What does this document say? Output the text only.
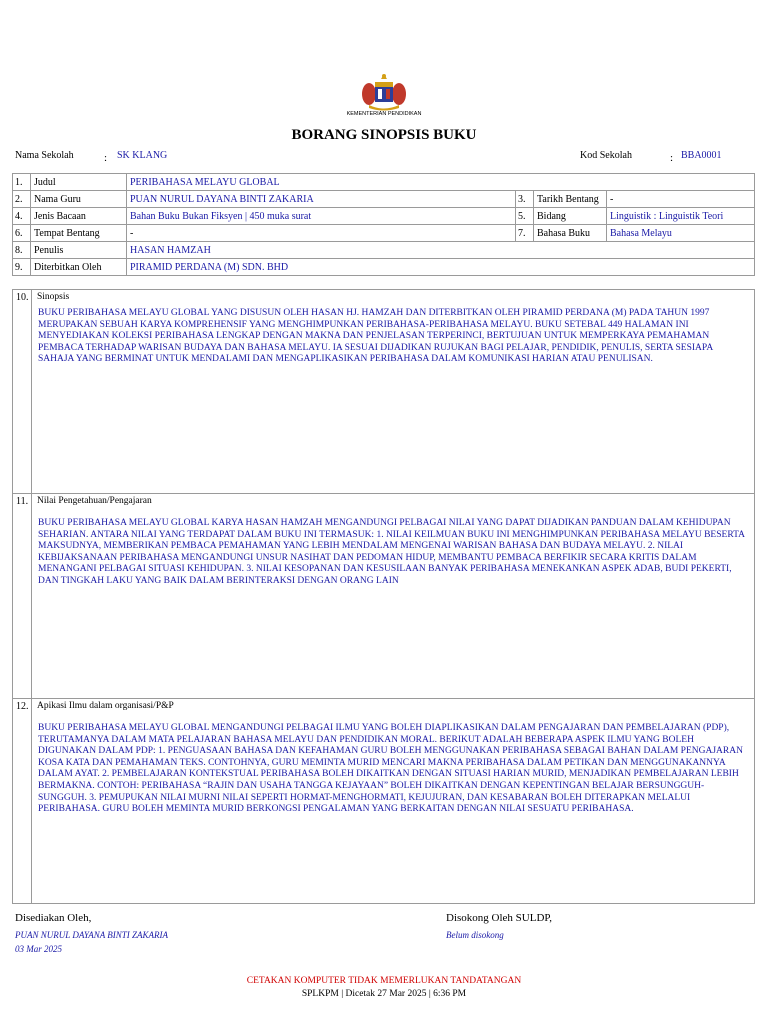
KEMENTERIAN PENDIDIKAN
BORANG SINOPSIS BUKU
Nama Sekolah	: SK KLANG	Kod Sekolah	: BBA0001
1.	Judul	PERIBAHASA MELAYU GLOBAL			
2.	Nama Guru	PUAN NURUL DAYANA BINTI ZAKARIA	3.	Tarikh Bentang	-
4.	Jenis Bacaan	Bahan Buku Bukan Fiksyen | 450 muka surat	5.	Bidang	Linguistik : Linguistik Teori
6.	Tempat Bentang	-	7.	Bahasa Buku	Bahasa Melayu
8.	Penulis	HASAN HAMZAH			
9.	Diterbitkan Oleh	PIRAMID PERDANA (M) SDN. BHD			
10. Sinopsis
BUKU PERIBAHASA MELAYU GLOBAL YANG DISUSUN OLEH HASAN HJ. HAMZAH DAN DITERBITKAN OLEH PIRAMID PERDANA (M) PADA TAHUN 1997 MERUPAKAN SEBUAH KARYA KOMPREHENSIF YANG MENGHIMPUNKAN PERIBAHASA-PERIBAHASA MELAYU. BUKU SETEBAL 449 HALAMAN INI MENYEDIAKAN KOLEKSI PERIBAHASA LENGKAP DENGAN MAKNA DAN PENJELASAN TERPERINCI, BERTUJUAN UNTUK MEMPERKAYA PEMAHAMAN PEMBACA TERHADAP WARISAN BUDAYA DAN BAHASA MELAYU. IA SESUAI DIJADIKAN RUJUKAN BAGI PELAJAR, PENDIDIK, PENULIS, SERTA SESIAPA SAHAJA YANG BERMINAT UNTUK MENDALAMI DAN MENGAPLIKASIKAN PERIBAHASA DALAM KOMUNIKASI HARIAN ATAU PENULISAN.
11. Nilai Pengetahuan/Pengajaran
BUKU PERIBAHASA MELAYU GLOBAL KARYA HASAN HAMZAH MENGANDUNGI PELBAGAI NILAI YANG DAPAT DIJADIKAN PANDUAN DALAM KEHIDUPAN SEHARIAN. ANTARA NILAI YANG TERDAPAT DALAM BUKU INI TERMASUK: 1. NILAI KEILMUAN BUKU INI MENGHIMPUNKAN PERIBAHASA MELAYU BESERTA MAKSUDNYA, MEMBERIKAN PEMBACA PEMAHAMAN YANG LEBIH MENDALAM MENGENAI WARISAN BAHASA DAN BUDAYA MELAYU. 2. NILAI KEBIJAKSANAAN PERIBAHASA MENGANDUNGI UNSUR NASIHAT DAN PEDOMAN HIDUP, MEMBANTU PEMBACA BERFIKIR SECARA KRITIS DALAM MENANGANI PELBAGAI SITUASI KEHIDUPAN. 3. NILAI KESOPANAN DAN KESUSILAAN BANYAK PERIBAHASA MENEKANKAN ASPEK ADAB, BUDI PEKERTI, DAN TINGKAH LAKU YANG BAIK DALAM BERINTERAKSI DENGAN ORANG LAIN
12. Apikasi Ilmu dalam organisasi/P&P
BUKU PERIBAHASA MELAYU GLOBAL MENGANDUNGI PELBAGAI ILMU YANG BOLEH DIAPLIKASIKAN DALAM PENGAJARAN DAN PEMBELAJARAN (PDP), TERUTAMANYA DALAM MATA PELAJARAN BAHASA MELAYU DAN PENDIDIKAN MORAL. BERIKUT ADALAH BEBERAPA ASPEK ILMU YANG BOLEH DIGUNAKAN DALAM PDP: 1. PENGUASAAN BAHASA DAN KEFAHAMAN GURU BOLEH MENGGUNAKAN PERIBAHASA SEBAGAI BAHAN DALAM PENGAJARAN KOSA KATA DAN PEMAHAMAN TEKS. CONTOHNYA, GURU MEMINTA MURID MENCARI MAKNA PERIBAHASA DALAM PETIKAN DAN MENGGUNAKANNYA DALAM AYAT. 2. PEMBELAJARAN KONTEKSTUAL PERIBAHASA BOLEH DIKAITKAN DENGAN SITUASI HARIAN MURID, MENJADIKAN PEMBELAJARAN LEBIH BERMAKNA. CONTOH: PERIBAHASA “RAJIN DAN USAHA TANGGA KEJAYAAN” BOLEH DIKAITKAN DENGAN KEPENTINGAN BELAJAR BERSUNGGUH-SUNGGUH. 3. PEMUPUKAN NILAI MURNI NILAI SEPERTI HORMAT-MENGHORMATI, KEJUJURAN, DAN KESABARAN BOLEH DITERAPKAN MELALUI PERIBAHASA. GURU BOLEH MEMINTA MURID BERKONGSI PENGALAMAN YANG BERKAITAN DENGAN NILAI SESUATU PERIBAHASA.
Disediakan Oleh,
PUAN NURUL DAYANA BINTI ZAKARIA
03 Mar 2025
Disokong Oleh SULDP,
Belum disokong
CETAKAN KOMPUTER TIDAK MEMERLUKAN TANDATANGAN
SPLKPM | Dicetak 27 Mar 2025 | 6:36 PM
